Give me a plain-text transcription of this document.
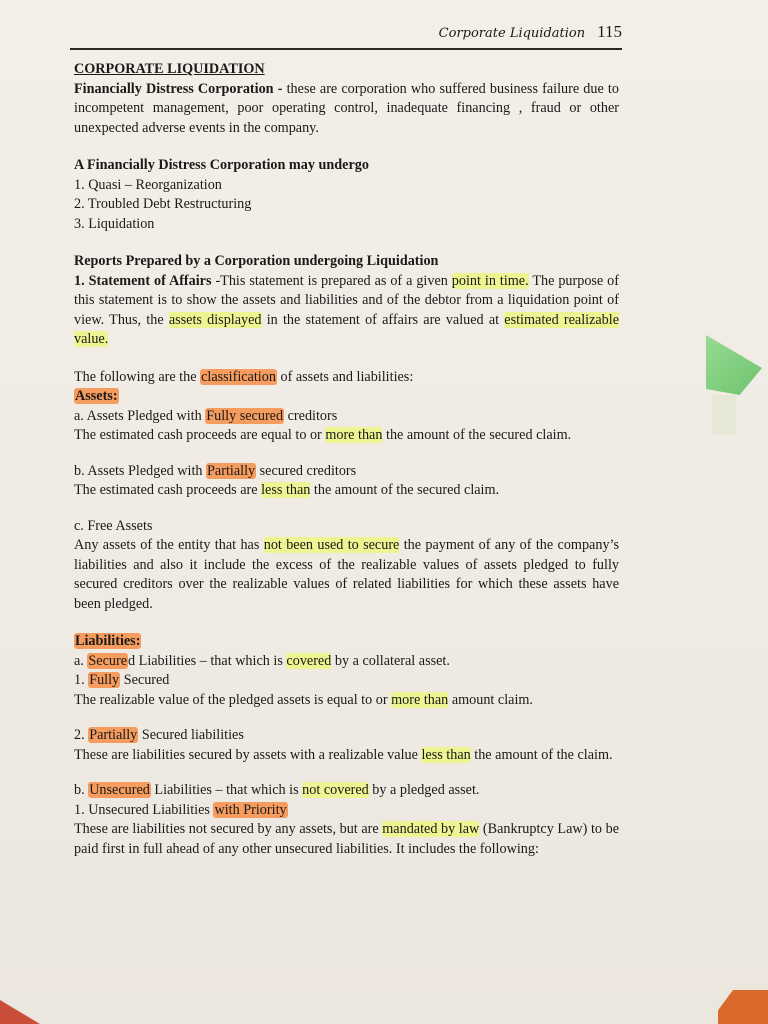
Corporate Liquidation 115

CORPORATE LIQUIDATION

Financially Distress Corporation - these are corporation who suffered business failure due to incompetent management, poor operating control, inadequate financing , fraud or other unexpected adverse events in the company.

A Financially Distress Corporation may undergo

1. Quasi – Reorganization

2. Troubled Debt Restructuring

3. Liquidation

Reports Prepared by a Corporation undergoing Liquidation

1. Statement of Affairs -This statement is prepared as of a given point in time. The purpose of this statement is to show the assets and liabilities and of the debtor from a liquidation point of view. Thus, the assets displayed in the statement of affairs are valued at estimated realizable value.

The following are the classification of assets and liabilities:

Assets:

a. Assets Pledged with Fully secured creditors

The estimated cash proceeds are equal to or more than the amount of the secured claim.

b. Assets Pledged with Partially secured creditors

The estimated cash proceeds are less than the amount of the secured claim.

c. Free Assets

Any assets of the entity that has not been used to secure the payment of any of the company’s liabilities and also it include the excess of the realizable values of assets pledged to fully secured creditors over the realizable values of related liabilities for which these assets have been pledged.

Liabilities:

a. Secured Liabilities – that which is covered by a collateral asset.

1. Fully Secured

The realizable value of the pledged assets is equal to or more than amount claim.

2. Partially Secured liabilities

These are liabilities secured by assets with a realizable value less than the amount of the claim.

b. Unsecured Liabilities – that which is not covered by a pledged asset.

1. Unsecured Liabilities with Priority

These are liabilities not secured by any assets, but are mandated by law (Bankruptcy Law) to be paid first in full ahead of any other unsecured liabilities. It includes the following:
